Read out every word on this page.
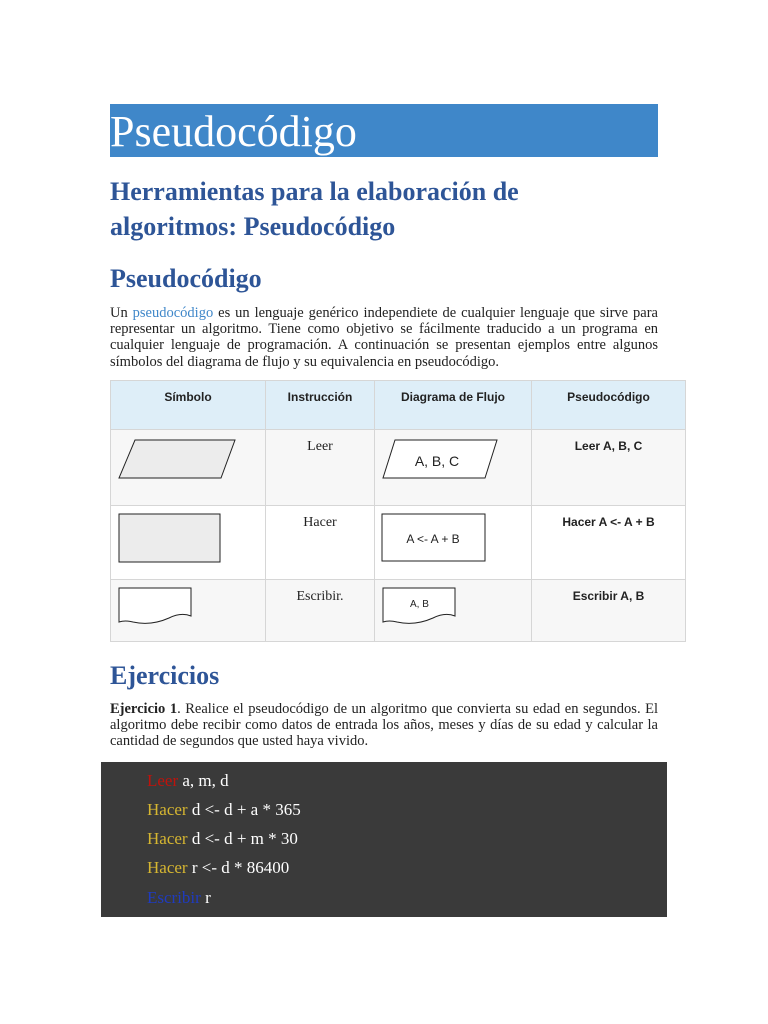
Pseudocódigo
Herramientas para la elaboración de
algoritmos: Pseudocódigo
Pseudocódigo
Un pseudocódigo es un lenguaje genérico independiete de cualquier lenguaje que sirve para representar un algoritmo. Tiene como objetivo se fácilmente traducido a un programa en cualquier lenguaje de programación. A continuación se presentan ejemplos entre algunos símbolos del diagrama de flujo y su equivalencia en pseudocódigo.
Símbolo	Instrucción	Diagrama de Flujo	Pseudocódigo

	Leer	A, B, C	Leer A, B, C

	Hacer	A <- A + B	Hacer A <- A + B

	Escribir.	A, B	Escribir A, B
Ejercicios
Ejercicio 1. Realice el pseudocódigo de un algoritmo que convierta su edad en segundos. El algoritmo debe recibir como datos de entrada los años, meses y días de su edad y calcular la cantidad de segundos que usted haya vivido.
Leer a, m, d
Hacer d <- d + a * 365
Hacer d <- d + m * 30
Hacer r <- d * 86400
Escribir r
